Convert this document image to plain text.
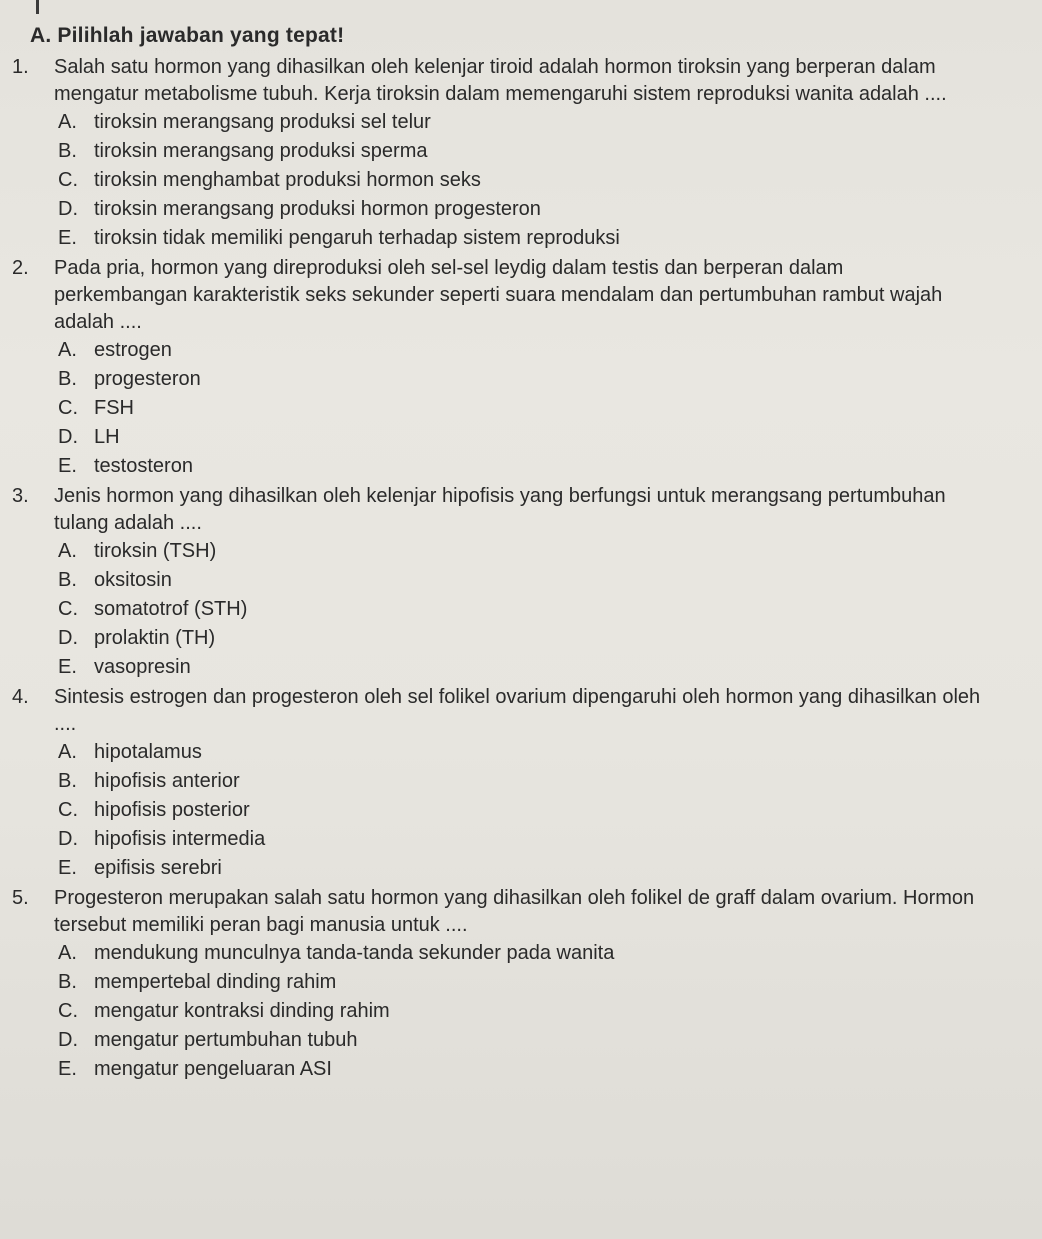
A. Pilihlah jawaban yang tepat!
1.	Salah satu hormon yang dihasilkan oleh kelenjar tiroid adalah hormon tiroksin yang berperan dalam mengatur metabolisme tubuh. Kerja tiroksin dalam memengaruhi sistem reproduksi wanita adalah ....
A. tiroksin merangsang produksi sel telur
B. tiroksin merangsang produksi sperma
C. tiroksin menghambat produksi hormon seks
D. tiroksin merangsang produksi hormon progesteron
E. tiroksin tidak memiliki pengaruh terhadap sistem reproduksi
2.	Pada pria, hormon yang direproduksi oleh sel-sel leydig dalam testis dan berperan dalam perkembangan karakteristik seks sekunder seperti suara mendalam dan pertumbuhan rambut wajah adalah ....
A. estrogen
B. progesteron
C. FSH
D. LH
E. testosteron
3.	Jenis hormon yang dihasilkan oleh kelenjar hipofisis yang berfungsi untuk merangsang pertumbuhan tulang adalah ....
A. tiroksin (TSH)
B. oksitosin
C. somatotrof (STH)
D. prolaktin (TH)
E. vasopresin
4.	Sintesis estrogen dan progesteron oleh sel folikel ovarium dipengaruhi oleh hormon yang dihasilkan oleh ....
A. hipotalamus
B. hipofisis anterior
C. hipofisis posterior
D. hipofisis intermedia
E. epifisis serebri
5.	Progesteron merupakan salah satu hormon yang dihasilkan oleh folikel de graff dalam ovarium. Hormon tersebut memiliki peran bagi manusia untuk ....
A. mendukung munculnya tanda-tanda sekunder pada wanita
B. mempertebal dinding rahim
C. mengatur kontraksi dinding rahim
D. mengatur pertumbuhan tubuh
E. mengatur pengeluaran ASI
